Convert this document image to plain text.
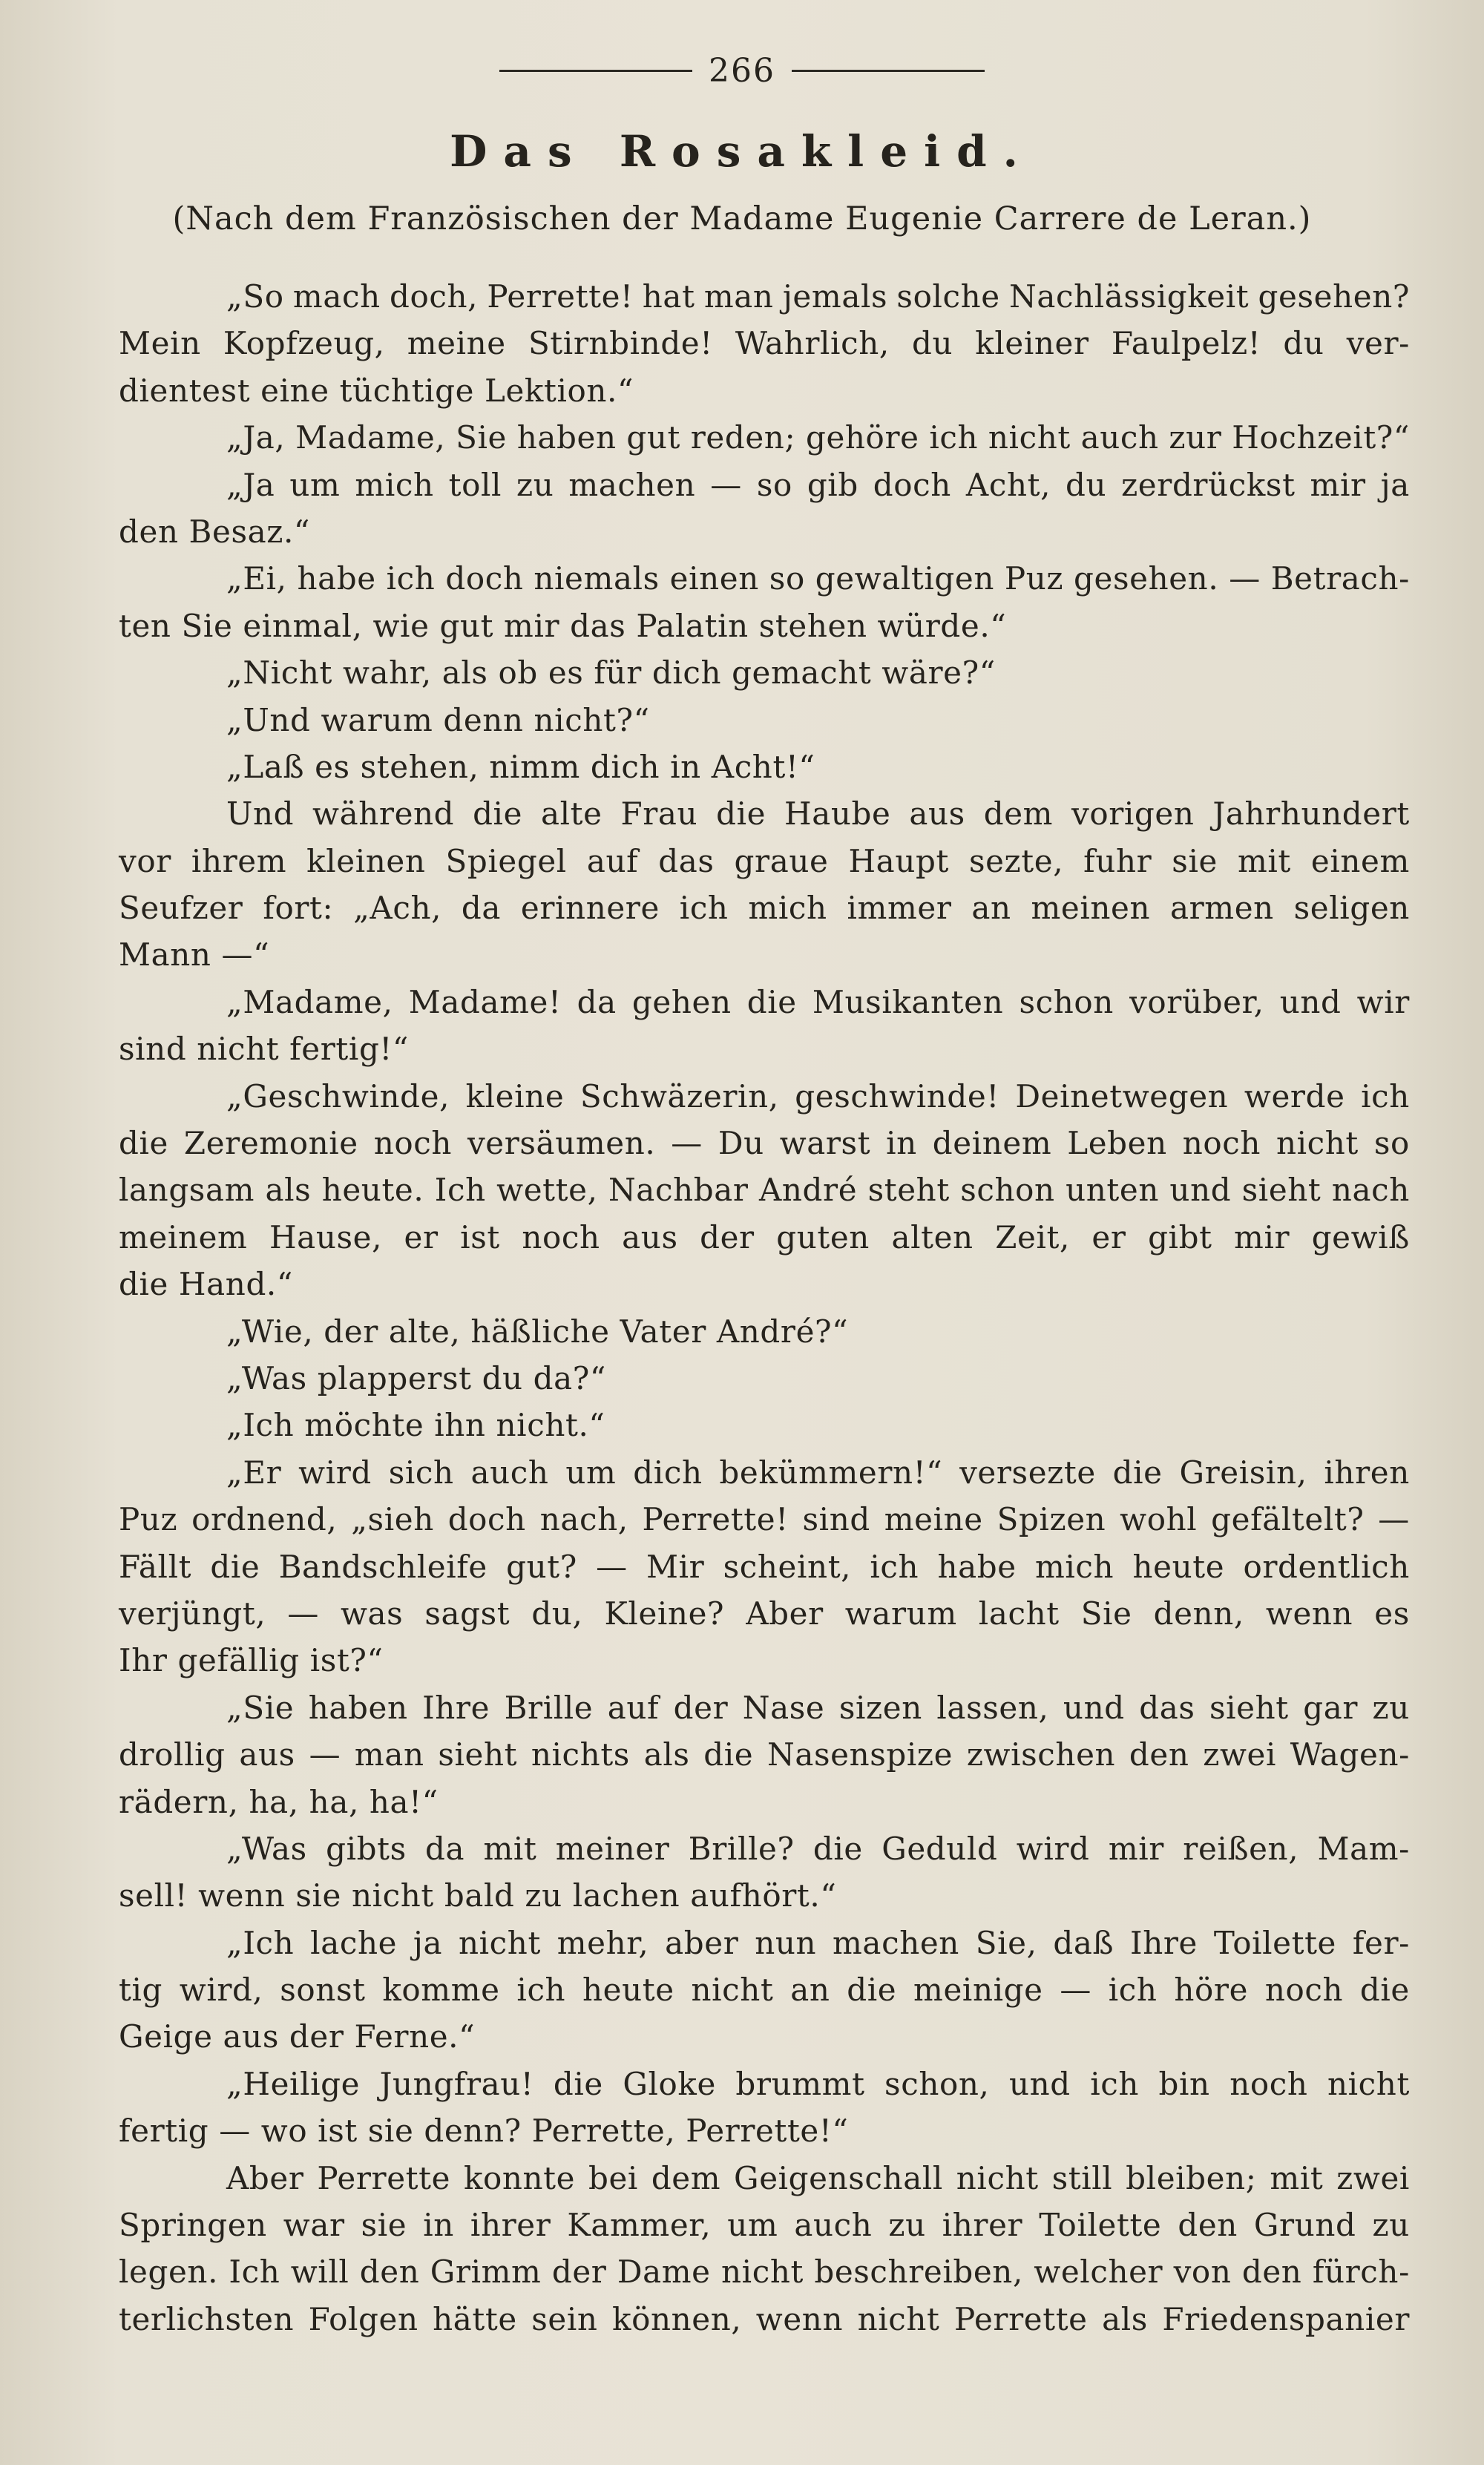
266
Das Rosakleid.
(Nach dem Französischen der Madame Eugenie Carrere de Leran.)
„So mach doch, Perrette! hat man jemals solche Nachlässigkeit gesehen?
Mein Kopfzeug, meine Stirnbinde! Wahrlich, du kleiner Faulpelz! du ver-
dientest eine tüchtige Lektion.“
„Ja, Madame, Sie haben gut reden; gehöre ich nicht auch zur Hochzeit?“
„Ja um mich toll zu machen — so gib doch Acht, du zerdrückst mir ja
den Besaz.“
„Ei, habe ich doch niemals einen so gewaltigen Puz gesehen. — Betrach-
ten Sie einmal, wie gut mir das Palatin stehen würde.“
„Nicht wahr, als ob es für dich gemacht wäre?“
„Und warum denn nicht?“
„Laß es stehen, nimm dich in Acht!“
Und während die alte Frau die Haube aus dem vorigen Jahrhundert
vor ihrem kleinen Spiegel auf das graue Haupt sezte, fuhr sie mit einem
Seufzer fort: „Ach, da erinnere ich mich immer an meinen armen seligen
Mann —“
„Madame, Madame! da gehen die Musikanten schon vorüber, und wir
sind nicht fertig!“
„Geschwinde, kleine Schwäzerin, geschwinde! Deinetwegen werde ich
die Zeremonie noch versäumen. — Du warst in deinem Leben noch nicht so
langsam als heute. Ich wette, Nachbar André steht schon unten und sieht nach
meinem Hause, er ist noch aus der guten alten Zeit, er gibt mir gewiß
die Hand.“
„Wie, der alte, häßliche Vater André?“
„Was plapperst du da?“
„Ich möchte ihn nicht.“
„Er wird sich auch um dich bekümmern!“ versezte die Greisin, ihren
Puz ordnend, „sieh doch nach, Perrette! sind meine Spizen wohl gefältelt? —
Fällt die Bandschleife gut? — Mir scheint, ich habe mich heute ordentlich
verjüngt, — was sagst du, Kleine? Aber warum lacht Sie denn, wenn es
Ihr gefällig ist?“
„Sie haben Ihre Brille auf der Nase sizen lassen, und das sieht gar zu
drollig aus — man sieht nichts als die Nasenspize zwischen den zwei Wagen-
rädern, ha, ha, ha!“
„Was gibts da mit meiner Brille? die Geduld wird mir reißen, Mam-
sell! wenn sie nicht bald zu lachen aufhört.“
„Ich lache ja nicht mehr, aber nun machen Sie, daß Ihre Toilette fer-
tig wird, sonst komme ich heute nicht an die meinige — ich höre noch die
Geige aus der Ferne.“
„Heilige Jungfrau! die Gloke brummt schon, und ich bin noch nicht
fertig — wo ist sie denn? Perrette, Perrette!“
Aber Perrette konnte bei dem Geigenschall nicht still bleiben; mit zwei
Springen war sie in ihrer Kammer, um auch zu ihrer Toilette den Grund zu
legen. Ich will den Grimm der Dame nicht beschreiben, welcher von den fürch-
terlichsten Folgen hätte sein können, wenn nicht Perrette als Friedenspanier
